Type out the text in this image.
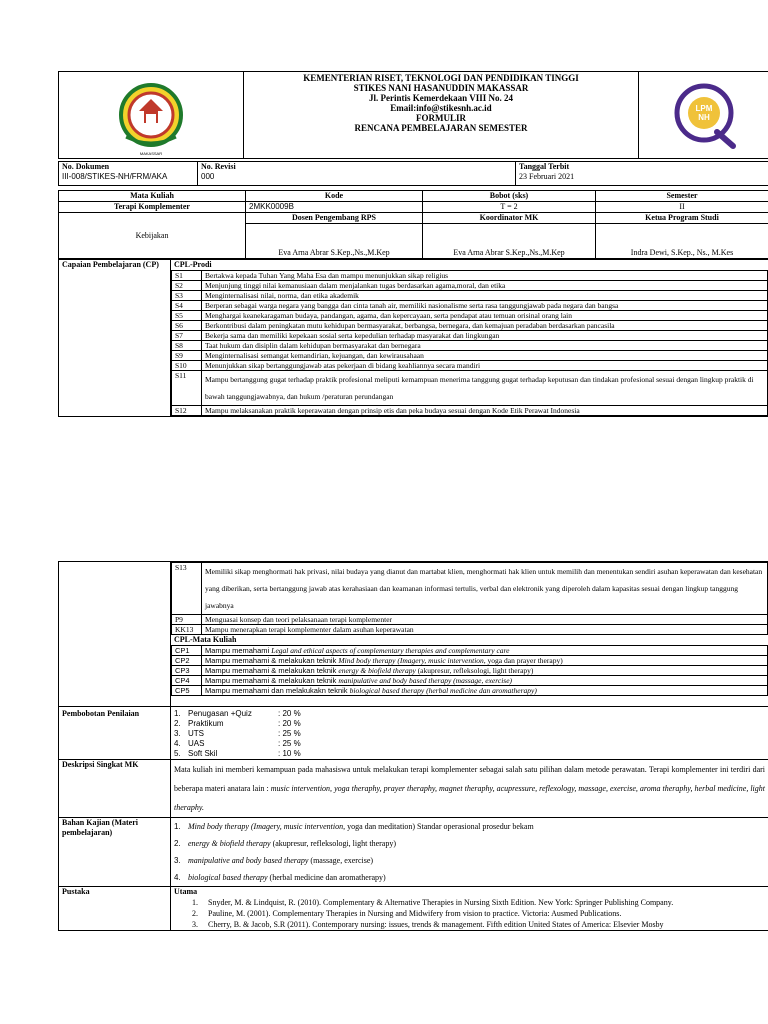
MAKASSAR

KEMENTERIAN RISET, TEKNOLOGI DAN PENDIDIKAN TINGGI
STIKES NANI HASANUDDIN MAKASSAR
Jl. Perintis Kemerdekaan VIII No. 24
Email:info@stikesnh.ac.id
FORMULIR
RENCANA PEMBELAJARAN SEMESTER

LPM
NH
No. Dokumen
III-008/STIKES-NH/FRM/AKA

No. Revisi
000

Tanggal Terbit
23 Februari 2021
Mata Kuliah	Kode	Bobot (sks)	Semester
Terapi Komplementer	2MKK0009B	T = 2	II
Kebijakan	Dosen Pengembang RPS	Koordinator MK	Ketua Program Studi
	Eva Arna Abrar S.Kep.,Ns.,M.Kep	Eva Arna Abrar S.Kep.,Ns.,M.Kep	Indra Dewi, S.Kep., Ns., M.Kes
Capaian Pembelajaran (CP)	CPL-Prodi
S1	Bertakwa kepada Tuhan Yang Maha Esa dan mampu menunjukkan sikap religius
S2	Menjunjung tinggi nilai kemanusiaan dalam menjalankan tugas berdasarkan agama,moral, dan etika
S3	Menginternalisasi nilai, norma, dan etika akademik
S4	Berperan sebagai warga negara yang bangga dan cinta tanah air, memiliki nasionalisme serta rasa tanggungjawab pada negara dan bangsa
S5	Menghargai keanekaragaman budaya, pandangan, agama, dan kepercayaan, serta pendapat atau temuan orisinal orang lain
S6	Berkontribusi dalam peningkatan mutu kehidupan bermasyarakat, berbangsa, bernegara, dan kemajuan peradaban berdasarkan pancasila
S7	Bekerja sama dan memiliki kepekaan sosial serta kepedulian terhadap masyarakat dan lingkungan
S8	Taat hukum dan disiplin dalam kehidupan bermasyarakat dan bernegara
S9	Menginternalisasi semangat kemandirian, kejuangan, dan kewirausahaan
S10	Menunjukkan sikap bertanggungjawab atas pekerjaan di bidang keahliannya secara mandiri
S11	Mampu bertanggung gugat terhadap praktik profesional meliputi kemampuan menerima tanggung gugat terhadap keputusan dan tindakan profesional sesuai dengan lingkup praktik di bawah tanggungjawabnya, dan hukum /peraturan perundangan
S12	Mampu melaksanakan praktik keperawatan dengan prinsip etis dan peka budaya sesuai dengan Kode Etik Perawat Indonesia

S13	Memiliki sikap menghormati hak privasi, nilai budaya yang dianut dan martabat klien, menghormati hak klien untuk memilih dan menentukan sendiri asuhan keperawatan dan kesehatan yang diberikan, serta bertanggung jawab atas kerahasiaan dan keamanan informasi tertulis, verbal dan elektronik yang diperoleh dalam kapasitas sesuai dengan lingkup tanggung jawabnya
P9	Menguasai konsep dan teori pelaksanaan terapi komplementer
KK13	Mampu menerapkan terapi komplementer dalam asuhan keperawatan
CPL-Mata Kuliah
CP1	Mampu memahami Legal and ethical aspects of complementary therapies and complementary care
CP2	Mampu memahami & melakukan teknik Mind body therapy (Imagery, music intervention, yoga dan prayer therapy)
CP3	Mampu memahami & melakukan teknik energy & biofield therapy (akupresur, refleksologi, light therapy)
CP4	Mampu memahami & melakukan teknik manipulative and body based therapy (massage, exercise)
CP5	Mampu memahami dan melakukakn teknik biological based therapy (herbal medicine dan aromatherapy)

Pembobotan Penilaian	1. Penugasan +Quiz	: 20 %
2. Praktikum	: 20 %
3. UTS	: 25 %
4. UAS	: 25 %
5. Soft Skil	: 10 %

Deskripsi Singkat MK	Mata kuliah ini memberi kemampuan pada mahasiswa untuk melakukan terapi komplementer sebagai salah satu pilihan dalam metode perawatan. Terapi komplementer ini terdiri dari beberapa materi anatara lain : music intervention, yoga theraphy, prayer theraphy, magnet theraphy, acupressure, reflexology, massage, exercise, aroma theraphy, herbal medicine, light theraphy.
Bahan Kajian (Materi pembelajaran)	
1. Mind body therapy (Imagery, music intervention, yoga dan meditation) Standar operasional prosedur bekam
2. energy & biofield therapy (akupresur, refleksologi, light therapy)
3. manipulative and body based therapy (massage, exercise)
4. biological based therapy (herbal medicine dan aromatherapy)

Pustaka	Utama
1.	Snyder, M. & Lindquist, R. (2010). Complementary & Alternative Therapies in Nursing Sixth Edition. New York: Springer Publishing Company.
2.	Pauline, M. (2001). Complementary Therapies in Nursing and Midwifery from vision to practice. Victoria: Ausmed Publications.
3.	Cherry, B. & Jacob, S.R (2011). Contemporary nursing: issues, trends & management. Fifth edition United States of America: Elsevier Mosby
